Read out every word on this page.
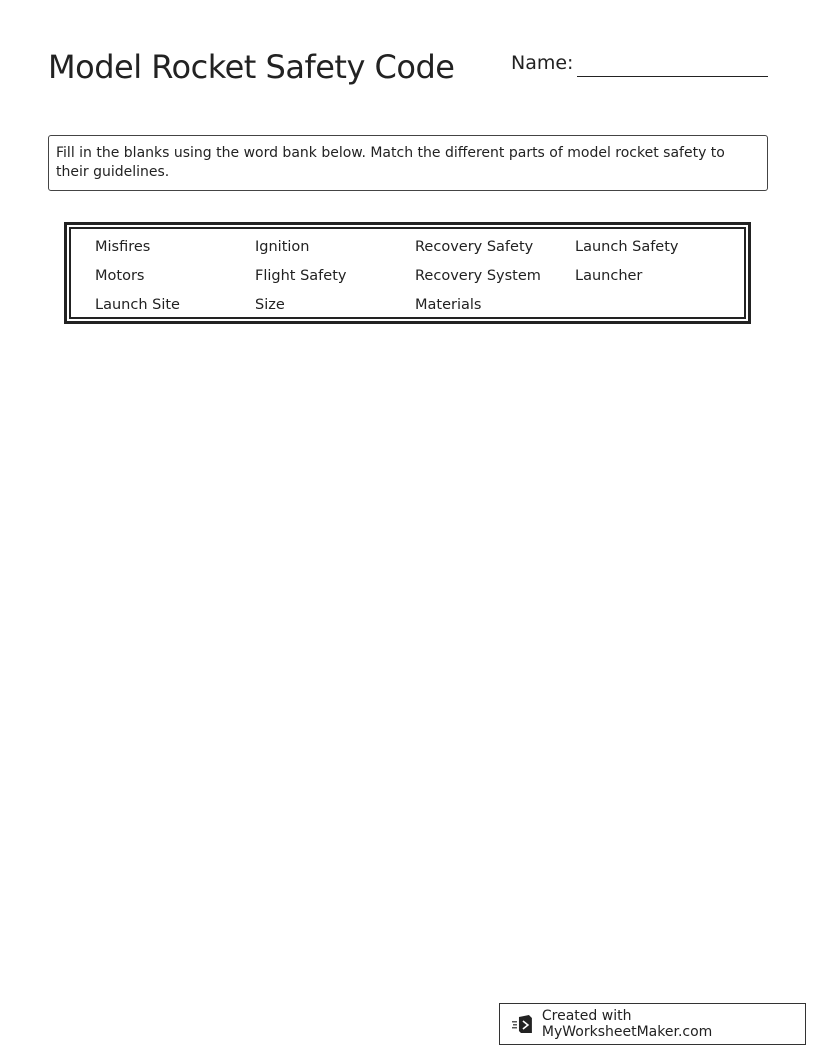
Model Rocket Safety Code	Name:
Fill in the blanks using the word bank below. Match the different parts of model rocket safety to their guidelines.
Misfires	Ignition	Recovery Safety	Launch Safety
Motors	Flight Safety	Recovery System	Launcher
Launch Site	Size	Materials
Created with MyWorksheetMaker.com
